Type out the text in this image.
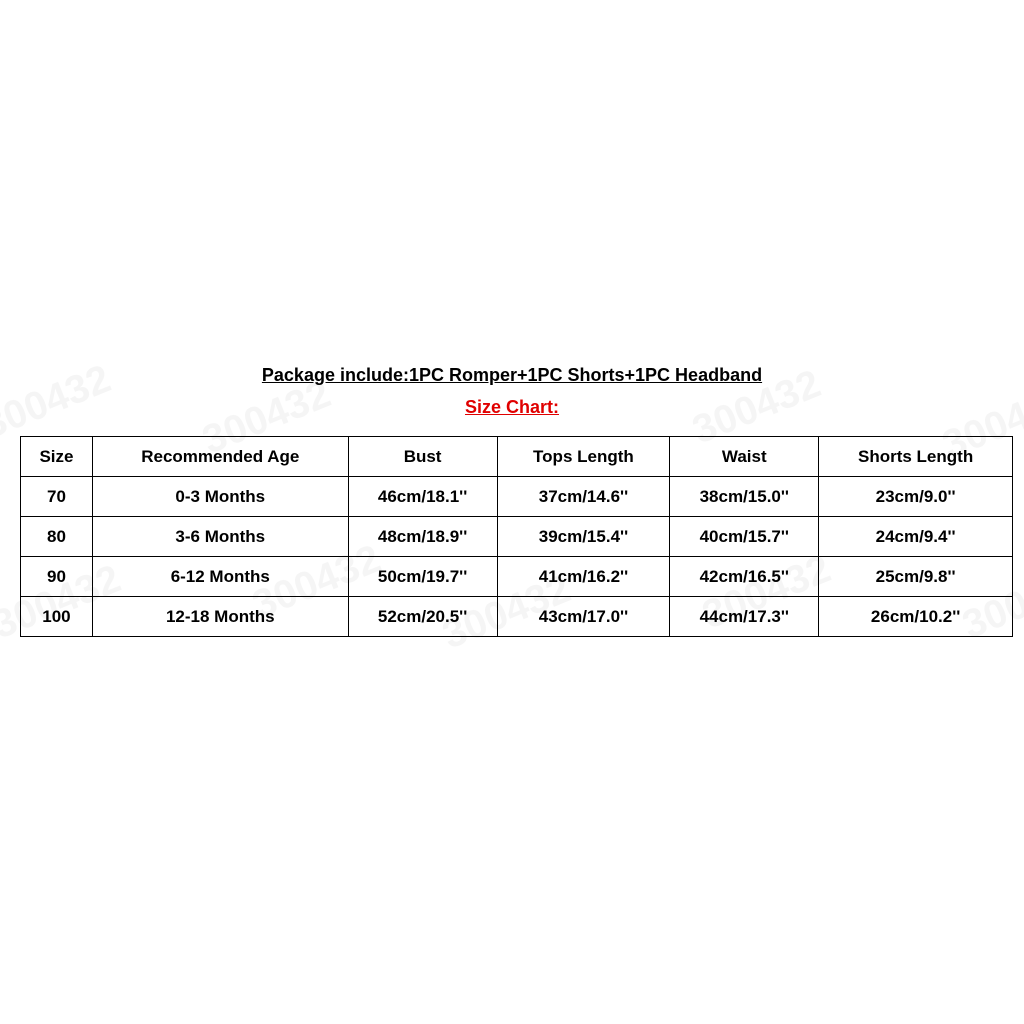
Package include:1PC Romper+1PC Shorts+1PC Headband

Size Chart:

Size	Recommended Age	Bust	Tops Length	Waist	Shorts Length
70	0-3 Months	46cm/18.1''	37cm/14.6''	38cm/15.0''	23cm/9.0''
80	3-6 Months	48cm/18.9''	39cm/15.4''	40cm/15.7''	24cm/9.4''
90	6-12 Months	50cm/19.7''	41cm/16.2''	42cm/16.5''	25cm/9.8''
100	12-18 Months	52cm/20.5''	43cm/17.0''	44cm/17.3''	26cm/10.2''
